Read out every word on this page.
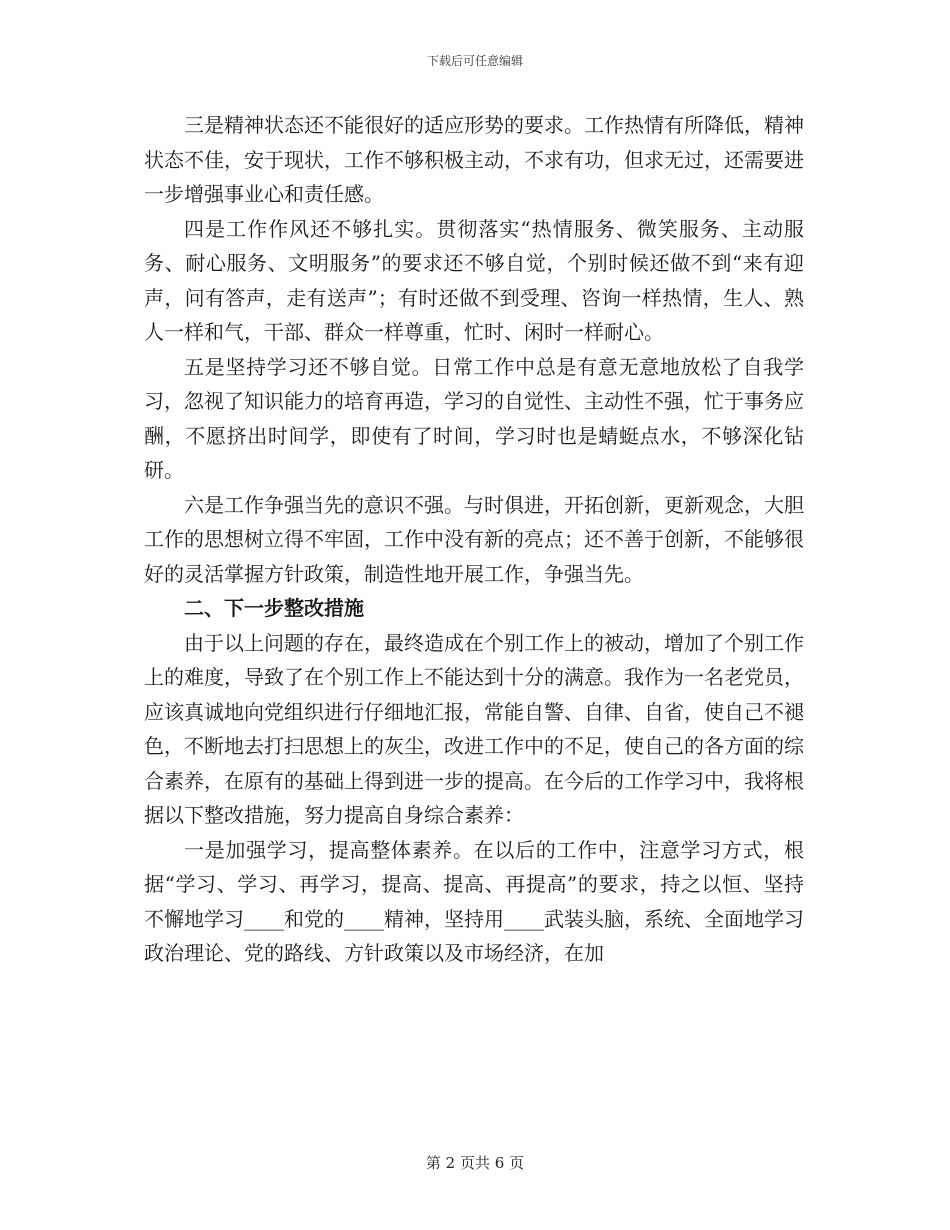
下载后可任意编辑

三是精神状态还不能很好的适应形势的要求。工作热情有所降低，精神状态不佳，安于现状，工作不够积极主动，不求有功，但求无过，还需要进一步增强事业心和责任感。

四是工作作风还不够扎实。贯彻落实“热情服务、微笑服务、主动服务、耐心服务、文明服务”的要求还不够自觉，个别时候还做不到“来有迎声，问有答声，走有送声”；有时还做不到受理、咨询一样热情，生人、熟人一样和气，干部、群众一样尊重，忙时、闲时一样耐心。

五是坚持学习还不够自觉。日常工作中总是有意无意地放松了自我学习，忽视了知识能力的培育再造，学习的自觉性、主动性不强，忙于事务应酬，不愿挤出时间学，即使有了时间，学习时也是蜻蜓点水，不够深化钻研。

六是工作争强当先的意识不强。与时俱进，开拓创新，更新观念，大胆工作的思想树立得不牢固，工作中没有新的亮点；还不善于创新，不能够很好的灵活掌握方针政策，制造性地开展工作，争强当先。

二、下一步整改措施

由于以上问题的存在，最终造成在个别工作上的被动，增加了个别工作上的难度，导致了在个别工作上不能达到十分的满意。我作为一名老党员，应该真诚地向党组织进行仔细地汇报，常能自警、自律、自省，使自己不褪色，不断地去打扫思想上的灰尘，改进工作中的不足，使自己的各方面的综合素养，在原有的基础上得到进一步的提高。在今后的工作学习中，我将根据以下整改措施，努力提高自身综合素养：

一是加强学习，提高整体素养。在以后的工作中，注意学习方式，根据“学习、学习、再学习，提高、提高、再提高”的要求，持之以恒、坚持不懈地学习____和党的____精神，坚持用____武装头脑，系统、全面地学习政治理论、党的路线、方针政策以及市场经济，在加

第 2 页共 6 页
